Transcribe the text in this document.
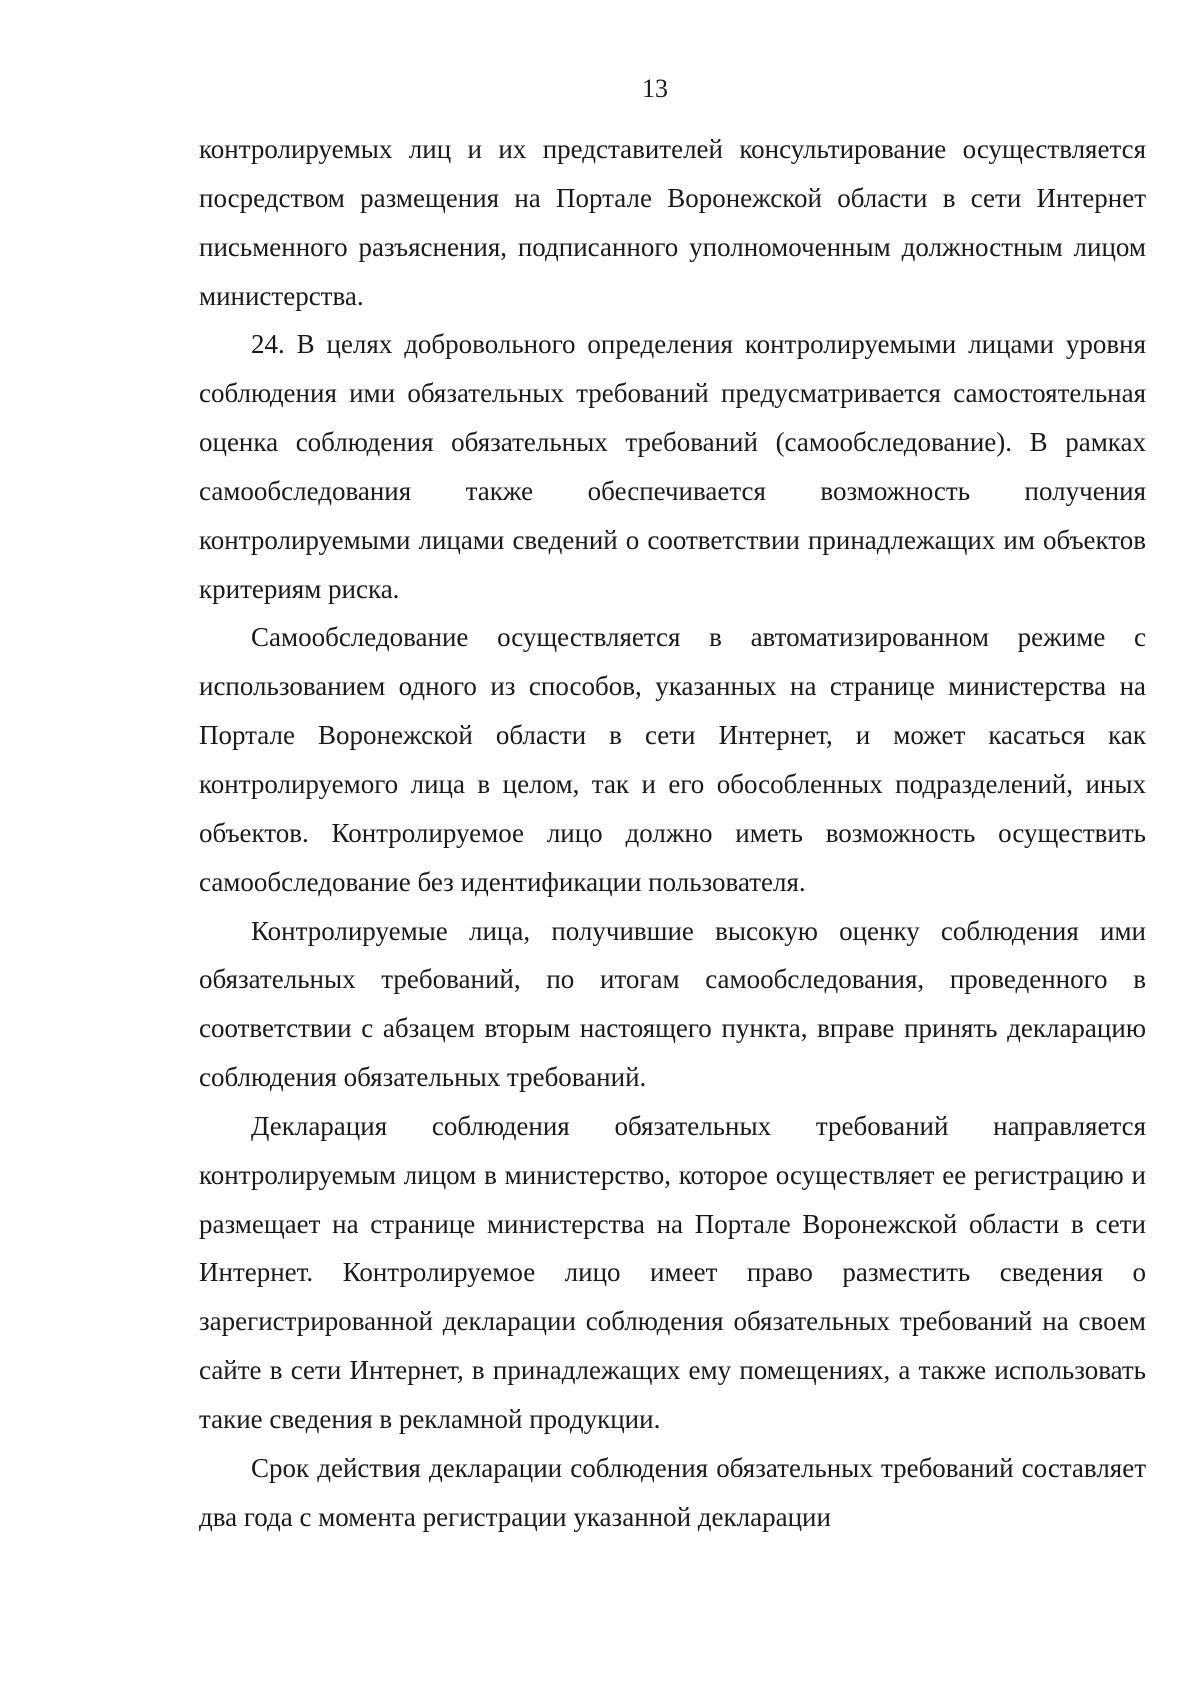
13

контролируемых лиц и их представителей консультирование осуществляется посредством размещения на Портале Воронежской области в сети Интернет письменного разъяснения, подписанного уполномоченным должностным лицом министерства.

24. В целях добровольного определения контролируемыми лицами уровня соблюдения ими обязательных требований предусматривается самостоятельная оценка соблюдения обязательных требований (самообследование). В рамках самообследования также обеспечивается возможность получения контролируемыми лицами сведений о соответствии принадлежащих им объектов критериям риска.

Самообследование осуществляется в автоматизированном режиме с использованием одного из способов, указанных на странице министерства на Портале Воронежской области в сети Интернет, и может касаться как контролируемого лица в целом, так и его обособленных подразделений, иных объектов. Контролируемое лицо должно иметь возможность осуществить самообследование без идентификации пользователя.

Контролируемые лица, получившие высокую оценку соблюдения ими обязательных требований, по итогам самообследования, проведенного в соответствии с абзацем вторым настоящего пункта, вправе принять декларацию соблюдения обязательных требований.

Декларация соблюдения обязательных требований направляется контролируемым лицом в министерство, которое осуществляет ее регистрацию и размещает на странице министерства на Портале Воронежской области в сети Интернет. Контролируемое лицо имеет право разместить сведения о зарегистрированной декларации соблюдения обязательных требований на своем сайте в сети Интернет, в принадлежащих ему помещениях, а также использовать такие сведения в рекламной продукции.

Срок действия декларации соблюдения обязательных требований составляет два года с момента регистрации указанной декларации
